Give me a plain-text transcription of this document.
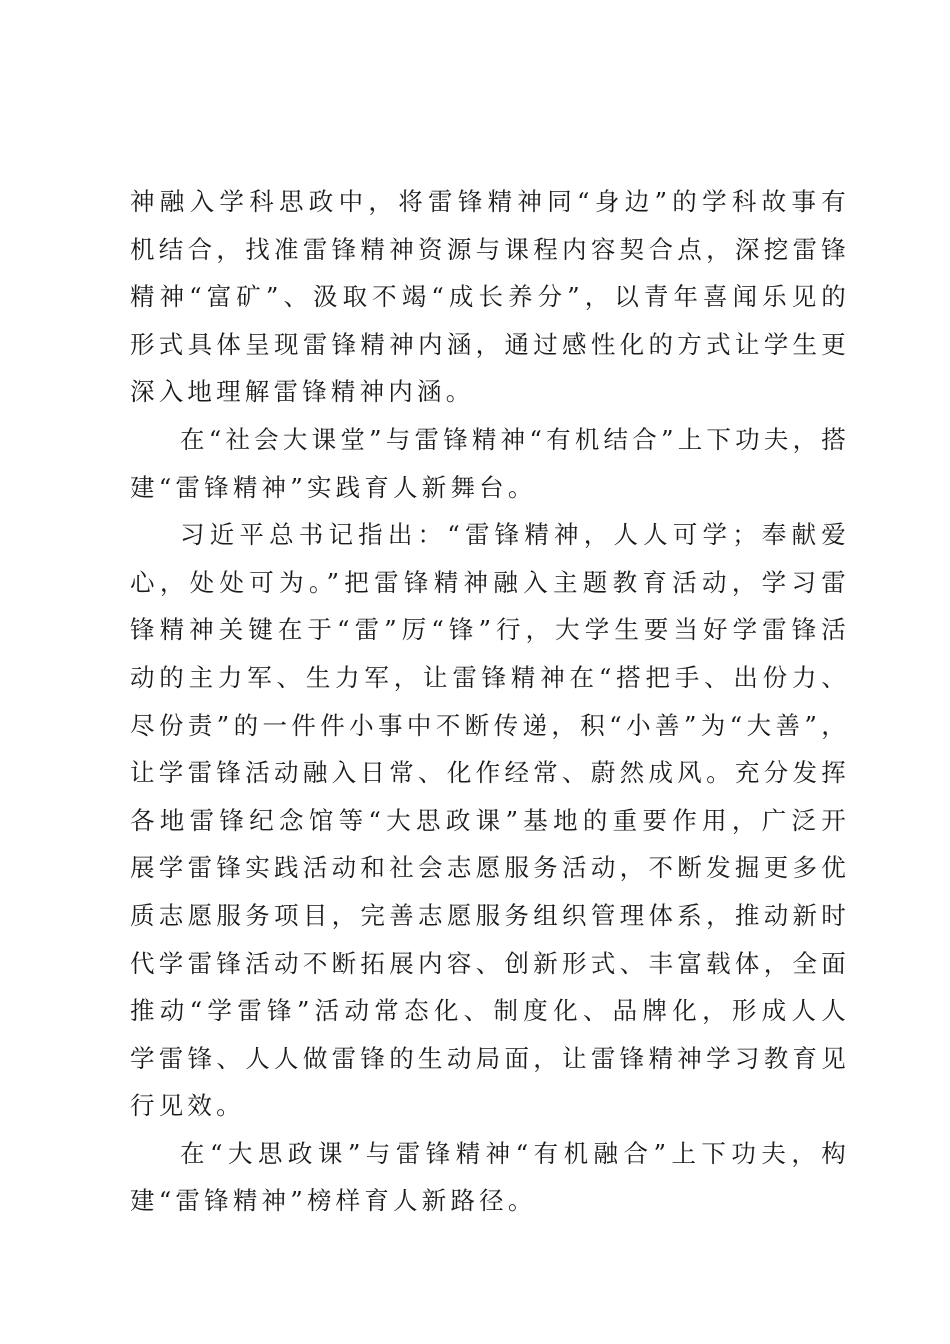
神融入学科思政中，将雷锋精神同“身边”的学科故事有机结合，找准雷锋精神资源与课程内容契合点，深挖雷锋精神“富矿”、汲取不竭“成长养分”，以青年喜闻乐见的形式具体呈现雷锋精神内涵，通过感性化的方式让学生更深入地理解雷锋精神内涵。

在“社会大课堂”与雷锋精神“有机结合”上下功夫，搭建“雷锋精神”实践育人新舞台。

习近平总书记指出：“雷锋精神，人人可学；奉献爱心，处处可为。”把雷锋精神融入主题教育活动，学习雷锋精神关键在于“雷”厉“锋”行，大学生要当好学雷锋活动的主力军、生力军，让雷锋精神在“搭把手、出份力、尽份责”的一件件小事中不断传递，积“小善”为“大善”，让学雷锋活动融入日常、化作经常、蔚然成风。充分发挥各地雷锋纪念馆等“大思政课”基地的重要作用，广泛开展学雷锋实践活动和社会志愿服务活动，不断发掘更多优质志愿服务项目，完善志愿服务组织管理体系，推动新时代学雷锋活动不断拓展内容、创新形式、丰富载体，全面推动“学雷锋”活动常态化、制度化、品牌化，形成人人学雷锋、人人做雷锋的生动局面，让雷锋精神学习教育见行见效。

在“大思政课”与雷锋精神“有机融合”上下功夫，构建“雷锋精神”榜样育人新路径。
